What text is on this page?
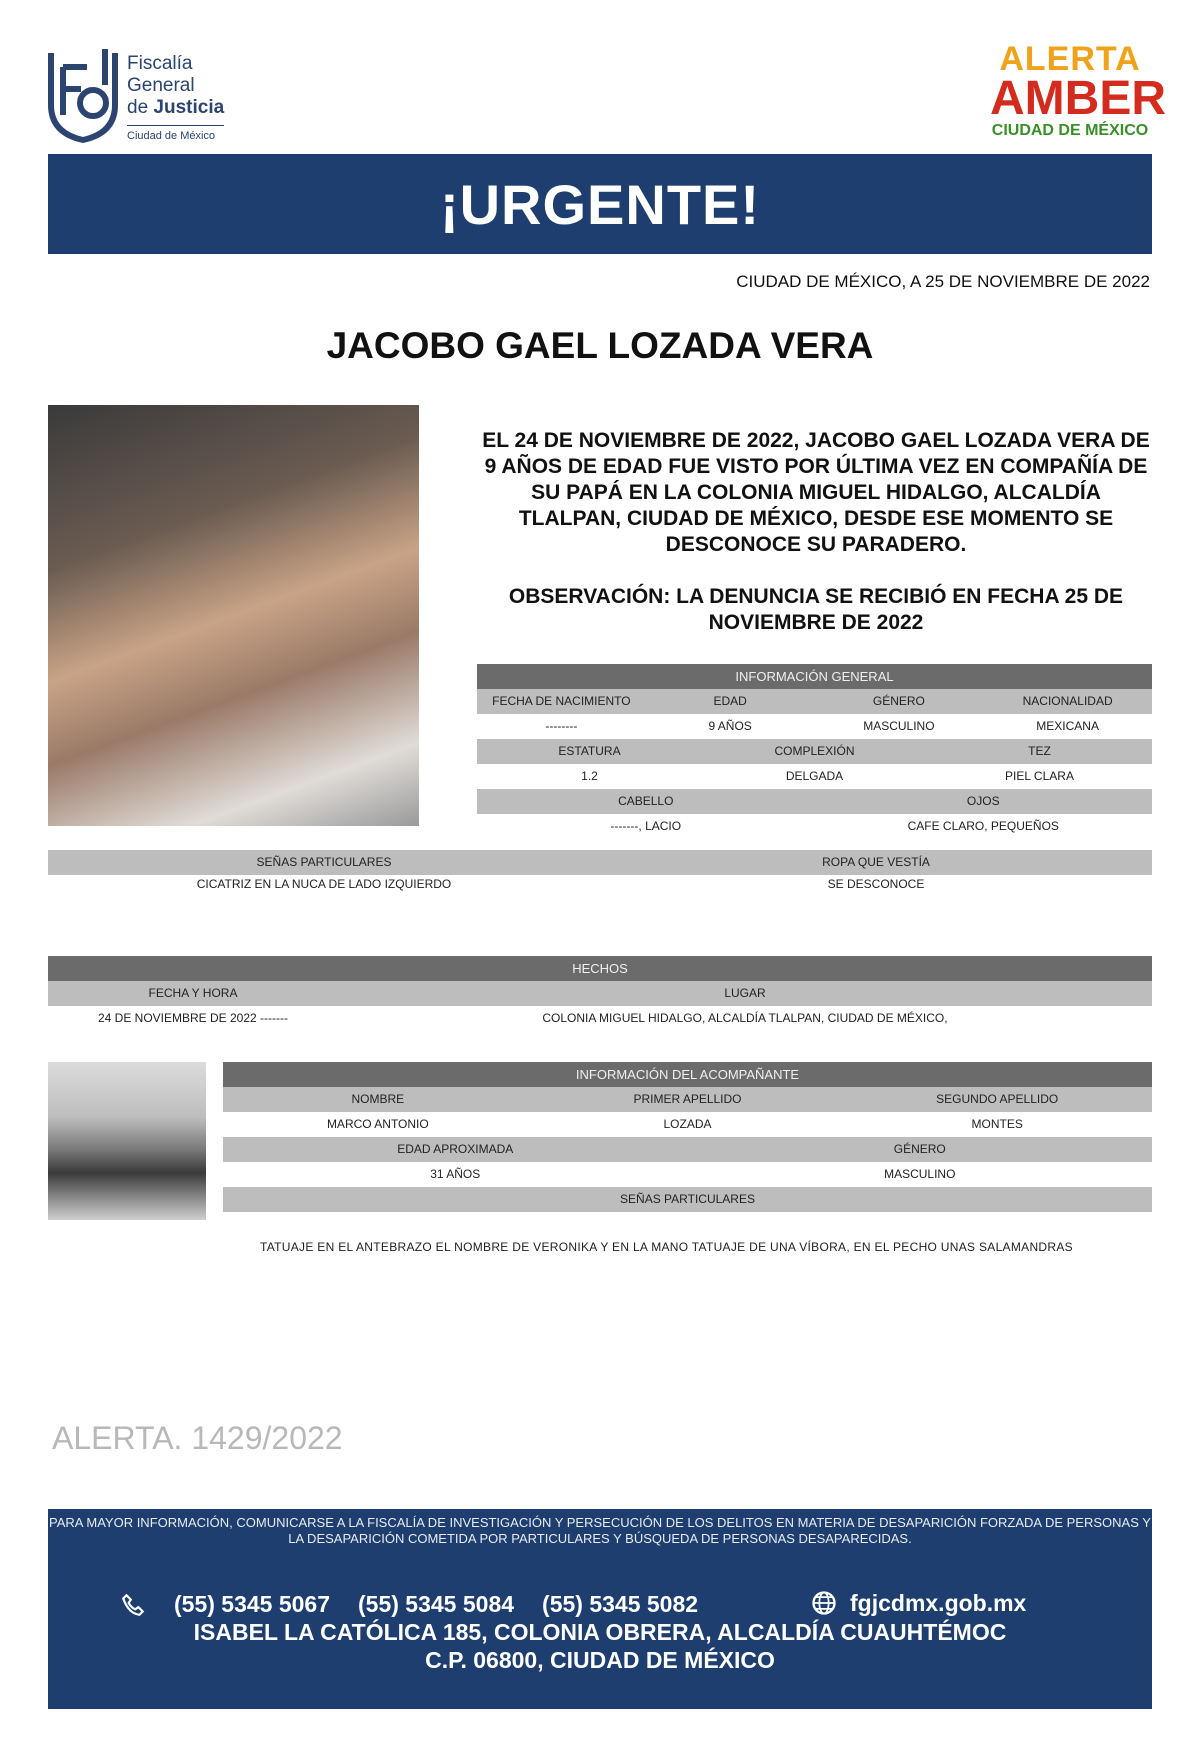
Fiscalía
General
de Justicia
Ciudad de México
ALERTA
AMBER
CIUDAD DE MÉXICO
¡URGENTE!
CIUDAD DE MÉXICO, A 25 DE NOVIEMBRE DE 2022
JACOBO GAEL LOZADA VERA
EL 24 DE NOVIEMBRE DE 2022, JACOBO GAEL LOZADA VERA DE 9 AÑOS DE EDAD FUE VISTO POR ÚLTIMA VEZ EN COMPAÑÍA DE SU PAPÁ EN LA COLONIA MIGUEL HIDALGO, ALCALDÍA TLALPAN, CIUDAD DE MÉXICO, DESDE ESE MOMENTO SE DESCONOCE SU PARADERO.
OBSERVACIÓN: LA DENUNCIA SE RECIBIÓ EN FECHA 25 DE NOVIEMBRE DE 2022
INFORMACIÓN GENERAL
FECHA DE NACIMIENTO	EDAD	GÉNERO	NACIONALIDAD
--------	9 AÑOS	MASCULINO	MEXICANA
ESTATURA	COMPLEXIÓN	TEZ
1.2	DELGADA	PIEL CLARA
CABELLO	OJOS
-------, LACIO	CAFE CLARO, PEQUEÑOS
SEÑAS PARTICULARES	ROPA QUE VESTÍA
CICATRIZ EN LA NUCA DE LADO IZQUIERDO	SE DESCONOCE
HECHOS
FECHA Y HORA	LUGAR
24 DE NOVIEMBRE DE 2022 -------	COLONIA MIGUEL HIDALGO, ALCALDÍA TLALPAN, CIUDAD DE MÉXICO,
INFORMACIÓN DEL ACOMPAÑANTE
NOMBRE	PRIMER APELLIDO	SEGUNDO APELLIDO
MARCO ANTONIO	LOZADA	MONTES
EDAD APROXIMADA	GÉNERO
31 AÑOS	MASCULINO
SEÑAS PARTICULARES
TATUAJE EN EL ANTEBRAZO EL NOMBRE DE VERONIKA Y EN LA MANO TATUAJE DE UNA VÍBORA, EN EL PECHO UNAS SALAMANDRAS
ALERTA. 1429/2022
PARA MAYOR INFORMACIÓN, COMUNICARSE A LA FISCALÍA DE INVESTIGACIÓN Y PERSECUCIÓN DE LOS DELITOS EN MATERIA DE DESAPARICIÓN FORZADA DE PERSONAS Y LA DESAPARICIÓN COMETIDA POR PARTICULARES Y BÚSQUEDA DE PERSONAS DESAPARECIDAS.
(55) 5345 5067 (55) 5345 5084 (55) 5345 5082	fgjcdmx.gob.mx
ISABEL LA CATÓLICA 185, COLONIA OBRERA, ALCALDÍA CUAUHTÉMOC
C.P. 06800, CIUDAD DE MÉXICO
